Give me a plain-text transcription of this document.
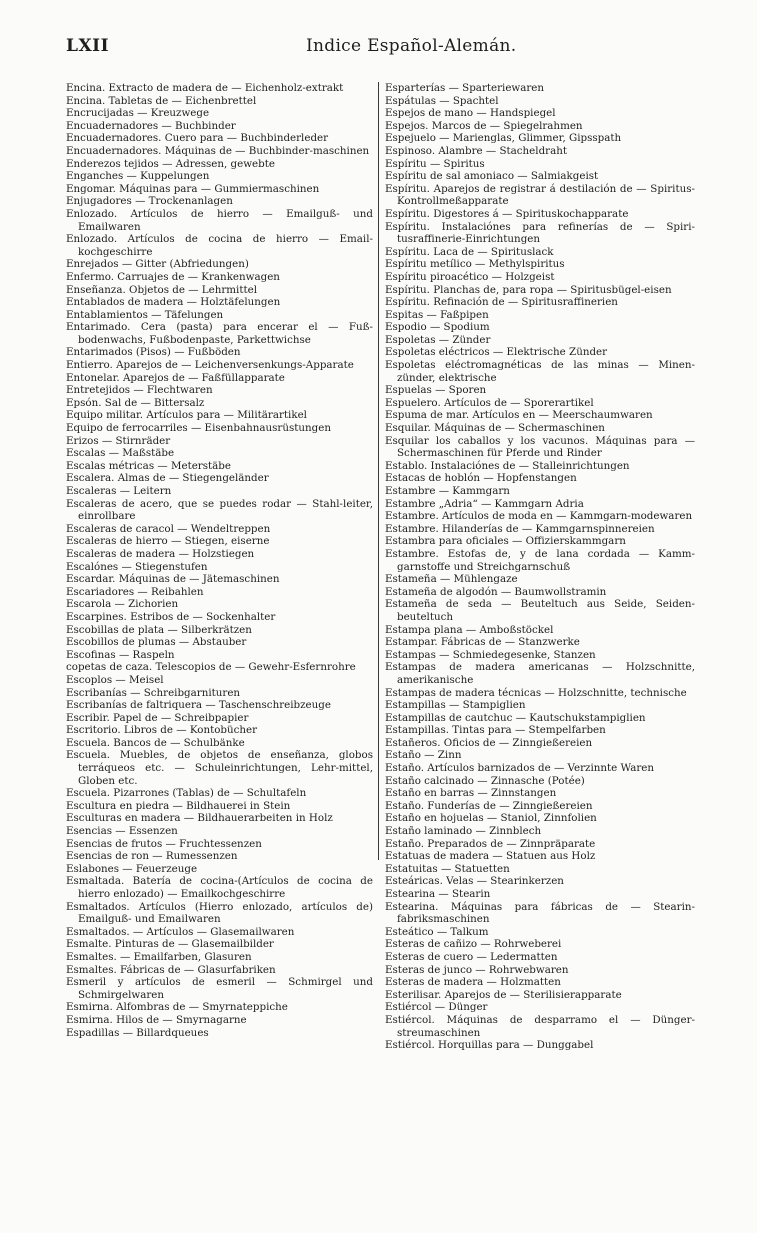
LXII	Indice Español-Alemán.
Encina. Extracto de madera de — Eichenholz-extrakt
Encina. Tabletas de — Eichenbrettel
Encrucijadas — Kreuzwege
Encuadernadores — Buchbinder
Encuadernadores. Cuero para — Buchbinderleder
Encuadernadores. Máquinas de — Buchbinder-maschinen
Enderezos tejidos — Adressen, gewebte
Enganches — Kuppelungen
Engomar. Máquinas para — Gummiermaschinen
Enjugadores — Trockenanlagen
Enlozado. Artículos de hierro — Emailguß- und Emailwaren
Enlozado. Artículos de cocina de hierro — Email-kochgeschirre
Enrejados — Gitter (Abfriedungen)
Enfermo. Carruajes de — Krankenwagen
Enseñanza. Objetos de — Lehrmittel
Entablados de madera — Holztäfelungen
Entablamientos — Täfelungen
Entarimado. Cera (pasta) para encerar el — Fuß-bodenwachs, Fußbodenpaste, Parkettwichse
Entarimados (Pisos) — Fußböden
Entierro. Aparejos de — Leichenversenkungs-Apparate
Entonelar. Aparejos de — Faßfüllapparate
Entretejidos — Flechtwaren
Epsón. Sal de — Bittersalz
Equipo militar. Artículos para — Militärartikel
Equipo de ferrocarriles — Eisenbahnausrüstungen
Erizos — Stirnräder
Escalas — Maßstäbe
Escalas métricas — Meterstäbe
Escalera. Almas de — Stiegengeländer
Escaleras — Leitern
Escaleras de acero, que se puedes rodar — Stahl-leiter, einrollbare
Escaleras de caracol — Wendeltreppen
Escaleras de hierro — Stiegen, eiserne
Escaleras de madera — Holzstiegen
Escalónes — Stiegenstufen
Escardar. Máquinas de — Jätemaschinen
Escariadores — Reibahlen
Escarola — Zichorien
Escarpines. Estribos de — Sockenhalter
Escobillas de plata — Silberkrätzen
Escobillos de plumas — Abstauber
Escofinas — Raspeln
copetas de caza. Telescopios de — Gewehr-Esfernrohre
Escoplos — Meisel
Escribanías — Schreibgarnituren
Escribanías de faltriquera — Taschenschreibzeuge
Escribir. Papel de — Schreibpapier
Escritorio. Libros de — Kontobücher
Escuela. Bancos de — Schulbänke
Escuela. Muebles, de objetos de enseñanza, globos terráqueos etc. — Schuleinrichtungen, Lehr-mittel, Globen etc.
Escuela. Pizarrones (Tablas) de — Schultafeln
Escultura en piedra — Bildhauerei in Stein
Esculturas en madera — Bildhauerarbeiten in Holz
Esencias — Essenzen
Esencias de frutos — Fruchtessenzen
Esencias de ron — Rumessenzen
Eslabones — Feuerzeuge
Esmaltada. Batería de cocina-(Artículos de cocina de hierro enlozado) — Emailkochgeschirre
Esmaltados. Artículos (Hierro enlozado, artículos de) Emailguß- und Emailwaren
Esmaltados. — Artículos — Glasemailwaren
Esmalte. Pinturas de — Glasemailbilder
Esmaltes. — Emailfarben, Glasuren
Esmaltes. Fábricas de — Glasurfabriken
Esmeril y artículos de esmeril — Schmirgel und Schmirgelwaren
Esmirna. Alfombras de — Smyrnateppiche
Esmirna. Hilos de — Smyrnagarne
Espadillas — Billardqueues
Esparterías — Sparteriewaren
Espátulas — Spachtel
Espejos de mano — Handspiegel
Espejos. Marcos de — Spiegelrahmen
Espejuelo — Marienglas, Glimmer, Gipsspath
Espinoso. Alambre — Stacheldraht
Espíritu — Spiritus
Espíritu de sal amoniaco — Salmiakgeist
Espíritu. Aparejos de registrar á destilación de — Spiritus-Kontrollmeßapparate
Espíritu. Digestores á — Spirituskochapparate
Espíritu. Instalaciónes para refinerías de — Spiri-tusraffinerie-Einrichtungen
Espíritu. Laca de — Spirituslack
Espíritu metílico — Methylspiritus
Espíritu piroacético — Holzgeist
Espíritu. Planchas de, para ropa — Spiritusbügel-eisen
Espíritu. Refinación de — Spiritusraffinerien
Espitas — Faßpipen
Espodio — Spodium
Espoletas — Zünder
Espoletas eléctricos — Elektrische Zünder
Espoletas eléctromagnéticas de las minas — Minen-zünder, elektrische
Espuelas — Sporen
Espuelero. Artículos de — Sporerartikel
Espuma de mar. Artículos en — Meerschaumwaren
Esquilar. Máquinas de — Schermaschinen
Esquilar los caballos y los vacunos. Máquinas para — Schermaschinen für Pferde und Rinder
Establo. Instalaciónes de — Stalleinrichtungen
Estacas de hoblón — Hopfenstangen
Estambre — Kammgarn
Estambre „Adria“ — Kammgarn Adria
Estambre. Artículos de moda en — Kammgarn-modewaren
Estambre. Hilanderías de — Kammgarnspinnereien
Estambra para oficiales — Offizierskammgarn
Estambre. Estofas de, y de lana cordada — Kamm-garnstoffe und Streichgarnschuß
Estameña — Mühlengaze
Estameña de algodón — Baumwollstramin
Estameña de seda — Beuteltuch aus Seide, Seiden-beuteltuch
Estampa plana — Amboßstöckel
Estampar. Fábricas de — Stanzwerke
Estampas — Schmiedegesenke, Stanzen
Estampas de madera americanas — Holzschnitte, amerikanische
Estampas de madera técnicas — Holzschnitte, technische
Estampillas — Stampiglien
Estampillas de cautchuc — Kautschukstampiglien
Estampillas. Tintas para — Stempelfarben
Estañeros. Oficios de — Zinngießereien
Estaño — Zinn
Estaño. Artículos barnizados de — Verzinnte Waren
Estaño calcinado — Zinnasche (Potée)
Estaño en barras — Zinnstangen
Estaño. Funderías de — Zinngießereien
Estaño en hojuelas — Staniol, Zinnfolien
Estaño laminado — Zinnblech
Estaño. Preparados de — Zinnpräparate
Estatuas de madera — Statuen aus Holz
Estatuitas — Statuetten
Esteáricas. Velas — Stearinkerzen
Estearina — Stearin
Estearina. Máquinas para fábricas de — Stearin-fabriksmaschinen
Esteático — Talkum
Esteras de cañizo — Rohrweberei
Esteras de cuero — Ledermatten
Esteras de junco — Rohrwebwaren
Esteras de madera — Holzmatten
Esterilisar. Aparejos de — Sterilisierapparate
Estiércol — Dünger
Estiércol. Máquinas de desparramo el — Dünger-streumaschinen
Estiércol. Horquillas para — Dunggabel
